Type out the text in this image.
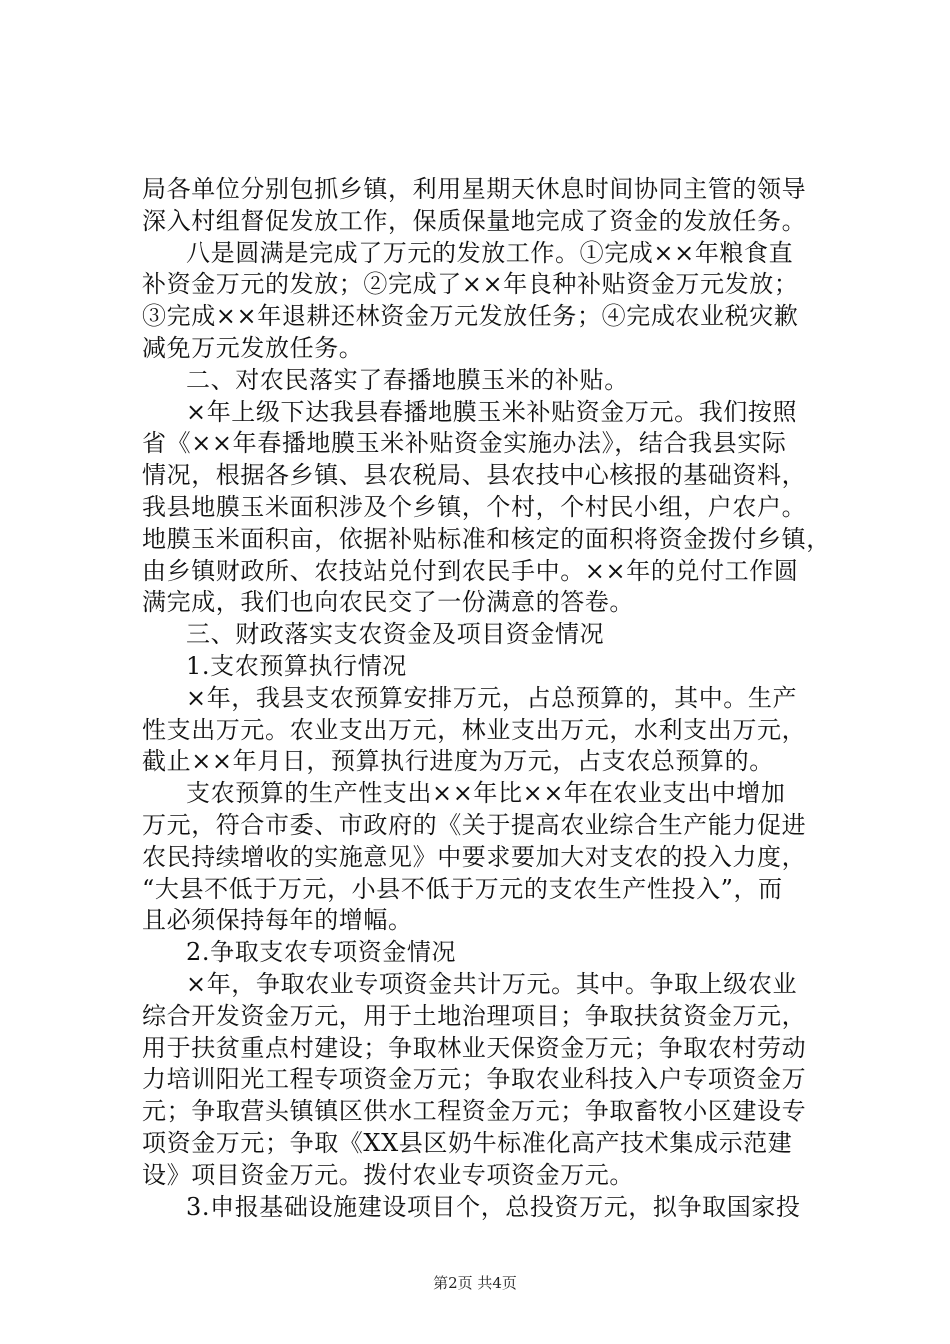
局各单位分别包抓乡镇，利用星期天休息时间协同主管的领导
深入村组督促发放工作，保质保量地完成了资金的发放任务。
八是圆满是完成了万元的发放工作。①完成××年粮食直
补资金万元的发放；②完成了××年良种补贴资金万元发放；
③完成××年退耕还林资金万元发放任务；④完成农业税灾歉
减免万元发放任务。
二、对农民落实了春播地膜玉米的补贴。
×年上级下达我县春播地膜玉米补贴资金万元。我们按照
省《××年春播地膜玉米补贴资金实施办法》，结合我县实际
情况，根据各乡镇、县农税局、县农技中心核报的基础资料，
我县地膜玉米面积涉及个乡镇，个村，个村民小组，户农户。
地膜玉米面积亩，依据补贴标准和核定的面积将资金拨付乡镇，
由乡镇财政所、农技站兑付到农民手中。××年的兑付工作圆
满完成，我们也向农民交了一份满意的答卷。
三、财政落实支农资金及项目资金情况
1.支农预算执行情况
×年，我县支农预算安排万元，占总预算的，其中。生产
性支出万元。农业支出万元，林业支出万元，水利支出万元，
截止××年月日，预算执行进度为万元，占支农总预算的。
支农预算的生产性支出××年比××年在农业支出中增加
万元，符合市委、市政府的《关于提高农业综合生产能力促进
农民持续增收的实施意见》中要求要加大对支农的投入力度，
“大县不低于万元，小县不低于万元的支农生产性投入”，而
且必须保持每年的增幅。
2.争取支农专项资金情况
×年，争取农业专项资金共计万元。其中。争取上级农业
综合开发资金万元，用于土地治理项目；争取扶贫资金万元，
用于扶贫重点村建设；争取林业天保资金万元；争取农村劳动
力培训阳光工程专项资金万元；争取农业科技入户专项资金万
元；争取营头镇镇区供水工程资金万元；争取畜牧小区建设专
项资金万元；争取《XX县区奶牛标准化高产技术集成示范建
设》项目资金万元。拨付农业专项资金万元。
3.申报基础设施建设项目个，总投资万元，拟争取国家投
第2页 共4页
